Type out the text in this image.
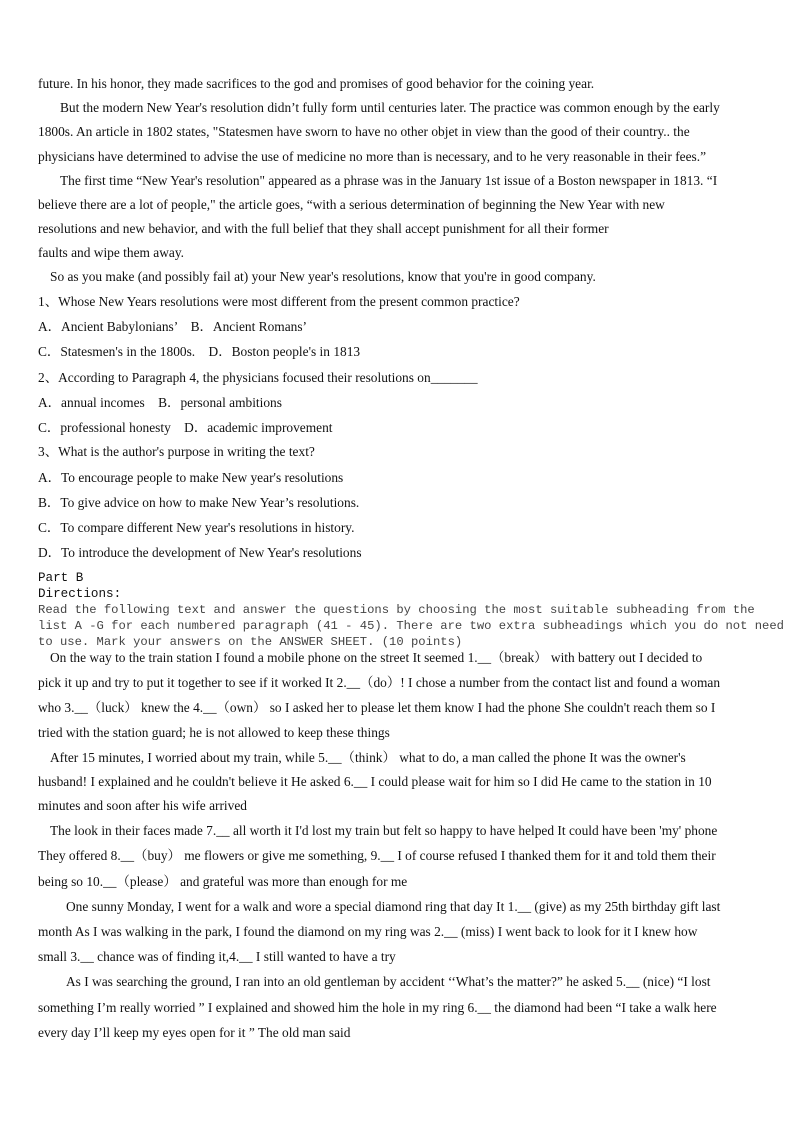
future. In his honor, they made sacrifices to the god and promises of good behavior for the coining year.
But the modern New Year's resolution didn’t fully form until centuries later. The practice was common enough by the early
1800s. An article in 1802 states, "Statesmen have sworn to have no other objet in view than the good of their country.. the
physicians have determined to advise the use of medicine no more than is necessary, and to he very reasonable in their fees.”
The first time “New Year's resolution" appeared as a phrase was in the January 1st issue of a Boston newspaper in 1813. “I
believe there are a lot of people," the article goes, “with a serious determination of beginning the New Year with new
resolutions and new behavior, and with the full belief that they shall accept punishment for all their former
faults and wipe them away.
So as you make (and possibly fail at) your New year's resolutions, know that you're in good company.
1、Whose New Years resolutions were most different from the present common practice?
A．Ancient Babylonians’　B．Ancient Romans’
C．Statesmen's in the 1800s.　D．Boston people's in 1813
2、According to Paragraph 4, the physicians focused their resolutions on_______
A．annual incomes　B．personal ambitions
C．professional honesty　D．academic improvement
3、What is the author's purpose in writing the text?
A．To encourage people to make New year's resolutions
B．To give advice on how to make New Year’s resolutions.
C．To compare different New year's resolutions in history.
D．To introduce the development of New Year's resolutions
Part B
Directions:
Read the following text and answer the questions by choosing the most suitable subheading from the
list A -G for each numbered paragraph (41 - 45). There are two extra subheadings which you do not need
to use. Mark your answers on the ANSWER SHEET. (10 points)
On the way to the train station I found a mobile phone on the street It seemed 1.__（break） with battery out I decided to
pick it up and try to put it together to see if it worked It 2.__（do）! I chose a number from the contact list and found a woman
who 3.__（luck） knew the 4.__（own） so I asked her to please let them know I had the phone She couldn't reach them so I
tried with the station guard; he is not allowed to keep these things
After 15 minutes, I worried about my train, while 5.__（think） what to do, a man called the phone It was the owner's
husband! I explained and he couldn't believe it He asked 6.__ I could please wait for him so I did He came to the station in 10
minutes and soon after his wife arrived
The look in their faces made 7.__ all worth it I'd lost my train but felt so happy to have helped It could have been 'my' phone
They offered 8.__（buy） me flowers or give me something, 9.__ I of course refused I thanked them for it and told them their
being so 10.__（please） and grateful was more than enough for me
One sunny Monday, I went for a walk and wore a special diamond ring that day It 1.__ (give) as my 25th birthday gift last
month As I was walking in the park, I found the diamond on my ring was 2.__ (miss) I went back to look for it I knew how
small 3.__ chance was of finding it,4.__ I still wanted to have a try
As I was searching the ground, I ran into an old gentleman by accident ‘‘What’s the matter?” he asked 5.__ (nice) “I lost
something I’m really worried ” I explained and showed him the hole in my ring 6.__ the diamond had been “I take a walk here
every day I’ll keep my eyes open for it ” The old man said
